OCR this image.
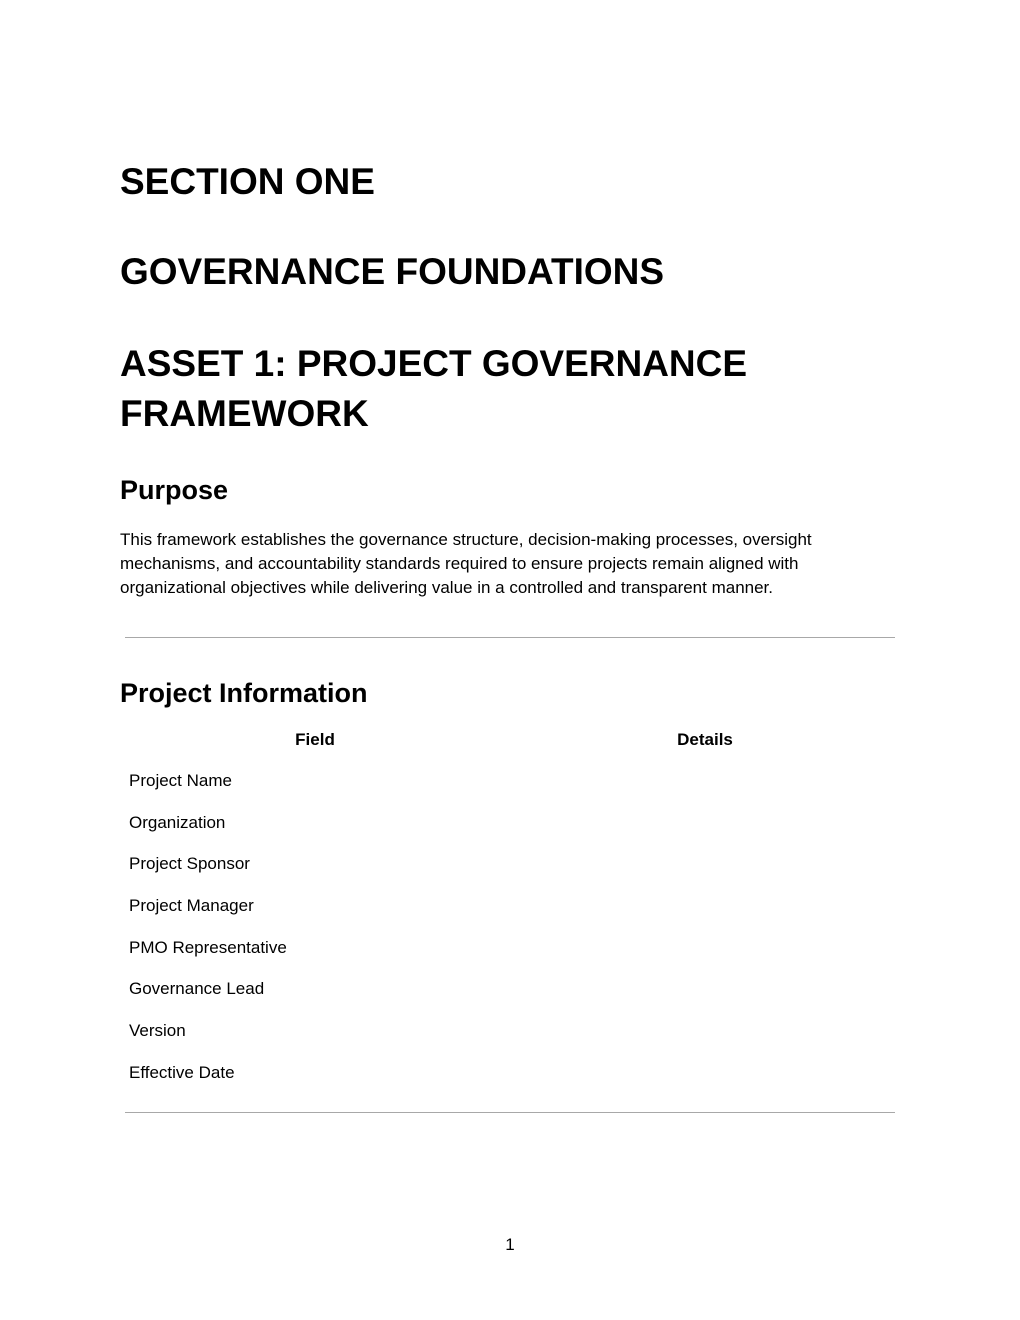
SECTION ONE
GOVERNANCE FOUNDATIONS
ASSET 1: PROJECT GOVERNANCE
FRAMEWORK
Purpose

This framework establishes the governance structure, decision-making processes, oversight mechanisms, and accountability standards required to ensure projects remain aligned with organizational objectives while delivering value in a controlled and transparent manner.

Project Information
Field	Details
Project Name	
Organization	
Project Sponsor	
Project Manager	
PMO Representative	
Governance Lead	
Version	
Effective Date	
1
